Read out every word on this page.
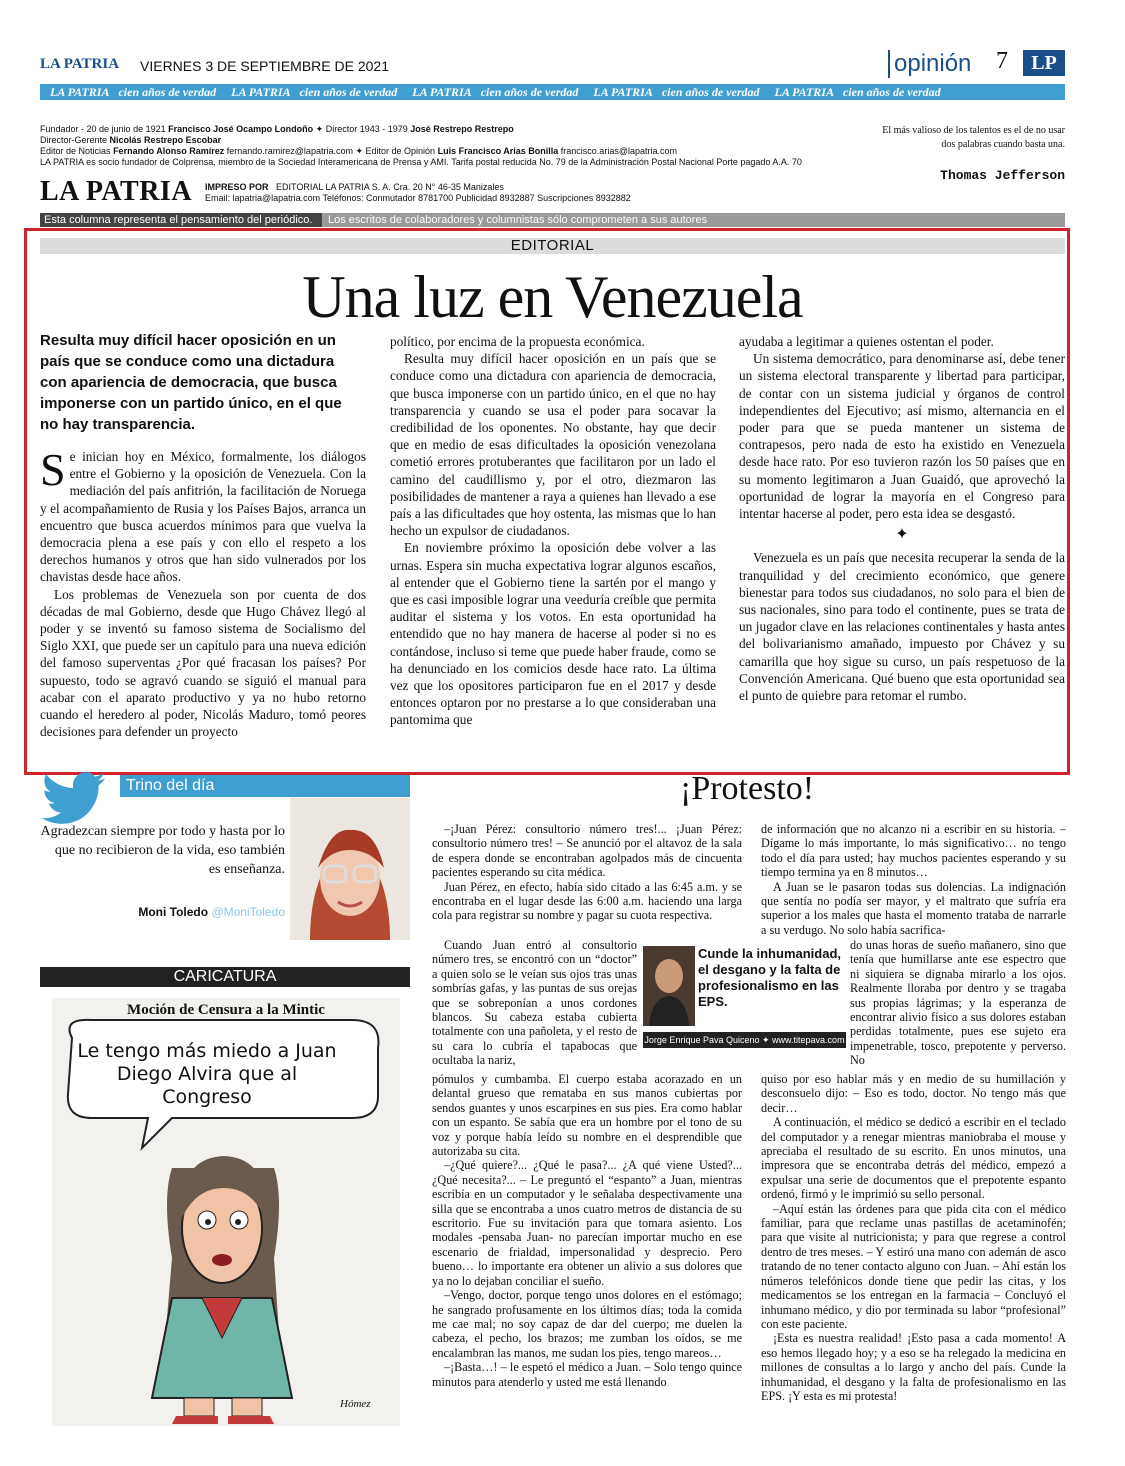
LA PATRIA VIERNES 3 DE SEPTIEMBRE DE 2021	opinión 7	LP
LA PATRIA cien años de verdad LA PATRIA cien años de verdad LA PATRIA cien años de verdad LA PATRIA cien años de verdad LA PATRIA cien años de verdad
Fundador - 20 de junio de 1921 Francisco José Ocampo Londoño ✦ Director 1943 - 1979 José Restrepo Restrepo
Director-Gerente Nicolás Restrepo Escobar
Editor de Noticias Fernando Alonso Ramírez fernando.ramirez@lapatria.com ✦ Editor de Opinión Luis Francisco Arias Bonilla francisco.arias@lapatria.com
LA PATRIA es socio fundador de Colprensa, miembro de la Sociedad Interamericana de Prensa y AMI. Tarifa postal reducida No. 79 de la Administración Postal Nacional Porte pagado A.A. 70
El más valioso de los talentos es el de no usar dos palabras cuando basta una.
Thomas Jefferson
LA PATRIA IMPRESO POR EDITORIAL LA PATRIA S. A. Cra. 20 N° 46-35 Manizales
Email: lapatria@lapatria.com Teléfonos: Conmutador 8781700 Publicidad 8932887 Suscripciones 8932882
Los escritos de colaboradores y columnistas sólo comprometen a sus autores
Esta columna representa el pensamiento del periódico.
EDITORIAL
Una luz en Venezuela
Resulta muy difícil hacer oposición en un país que se conduce como una dictadura con apariencia de democracia, que busca imponerse con un partido único, en el que no hay transparencia.

Se inician hoy en México, formalmente, los diálogos entre el Gobierno y la oposición de Venezuela. Con la mediación del país anfitrión, la facilitación de Noruega y el acompañamiento de Rusia y los Países Bajos, arranca un encuentro que busca acuerdos mínimos para que vuelva la democracia plena a ese país y con ello el respeto a los derechos humanos y otros que han sido vulnerados por los chavistas desde hace años.

Los problemas de Venezuela son por cuenta de dos décadas de mal Gobierno, desde que Hugo Chávez llegó al poder y se inventó su famoso sistema de Socialismo del Siglo XXI, que puede ser un capítulo para una nueva edición del famoso superventas ¿Por qué fracasan los países? Por supuesto, todo se agravó cuando se siguió el manual para acabar con el aparato productivo y ya no hubo retorno cuando el heredero al poder, Nicolás Maduro, tomó peores decisiones para defender un proyecto

político, por encima de la propuesta económica.

Resulta muy difícil hacer oposición en un país que se conduce como una dictadura con apariencia de democracia, que busca imponerse con un partido único, en el que no hay transparencia y cuando se usa el poder para socavar la credibilidad de los oponentes. No obstante, hay que decir que en medio de esas dificultades la oposición venezolana cometió errores protuberantes que facilitaron por un lado el camino del caudillismo y, por el otro, diezmaron las posibilidades de mantener a raya a quienes han llevado a ese país a las dificultades que hoy ostenta, las mismas que lo han hecho un expulsor de ciudadanos.

En noviembre próximo la oposición debe volver a las urnas. Espera sin mucha expectativa lograr algunos escaños, al entender que el Gobierno tiene la sartén por el mango y que es casi imposible lograr una veeduría creíble que permita auditar el sistema y los votos. En esta oportunidad ha entendido que no hay manera de hacerse al poder si no es contándose, incluso si teme que puede haber fraude, como se ha denunciado en los comicios desde hace rato. La última vez que los opositores participaron fue en el 2017 y desde entonces optaron por no prestarse a lo que consideraban una pantomima que

ayudaba a legitimar a quienes ostentan el poder.

Un sistema democrático, para denominarse así, debe tener un sistema electoral transparente y libertad para participar, de contar con un sistema judicial y órganos de control independientes del Ejecutivo; así mismo, alternancia en el poder para que se pueda mantener un sistema de contrapesos, pero nada de esto ha existido en Venezuela desde hace rato. Por eso tuvieron razón los 50 países que en su momento legitimaron a Juan Guaidó, que aprovechó la oportunidad de lograr la mayoría en el Congreso para intentar hacerse al poder, pero esta idea se desgastó.

✦

Venezuela es un país que necesita recuperar la senda de la tranquilidad y del crecimiento económico, que genere bienestar para todos sus ciudadanos, no solo para el bien de sus nacionales, sino para todo el continente, pues se trata de un jugador clave en las relaciones continentales y hasta antes del bolivarianismo amañado, impuesto por Chávez y su camarilla que hoy sigue su curso, un país respetuoso de la Convención Americana. Qué bueno que esta oportunidad sea el punto de quiebre para retomar el rumbo.

Trino del día
Agradezcan siempre por todo y hasta por lo que no recibieron de la vida, eso también es enseñanza.
Moni Toledo @MoniToledo
CARICATURA
Moción de Censura a la Mintic
Le tengo más miedo a Juan Diego Alvira que al Congreso
Hómez
¡Protesto!

–¡Juan Pérez: consultorio número tres!... ¡Juan Pérez: consultorio número tres! – Se anunció por el altavoz de la sala de espera donde se encontraban agolpados más de cincuenta pacientes esperando su cita médica.

Juan Pérez, en efecto, había sido citado a las 6:45 a.m. y se encontraba en el lugar desde las 6:00 a.m. haciendo una larga cola para registrar su nombre y pagar su cuota respectiva.

Cuando Juan entró al consultorio número tres, se encontró con un “doctor” a quien solo se le veían sus ojos tras unas sombrías gafas, y las puntas de sus orejas que se sobreponían a unos cordones blancos. Su cabeza estaba cubierta totalmente con una pañoleta, y el resto de su cara lo cubría el tapabocas que ocultaba la nariz,

pómulos y cumbamba. El cuerpo estaba acorazado en un delantal grueso que remataba en sus manos cubiertas por sendos guantes y unos escarpines en sus pies. Era como hablar con un espanto. Se sabía que era un hombre por el tono de su voz y porque había leído su nombre en el desprendible que autorizaba su cita.

–¿Qué quiere?... ¿Qué le pasa?... ¿A qué viene Usted?... ¿Qué necesita?... – Le preguntó el “espanto” a Juan, mientras escribía en un computador y le señalaba despectivamente una silla que se encontraba a unos cuatro metros de distancia de su escritorio. Fue su invitación para que tomara asiento. Los modales -pensaba Juan- no parecían importar mucho en ese escenario de frialdad, impersonalidad y desprecio. Pero bueno… lo importante era obtener un alivio a sus dolores que ya no lo dejaban conciliar el sueño.

–Vengo, doctor, porque tengo unos dolores en el estómago; he sangrado profusamente en los últimos días; toda la comida me cae mal; no soy capaz de dar del cuerpo; me duelen la cabeza, el pecho, los brazos; me zumban los oídos, se me encalambran las manos, me sudan los pies, tengo mareos…

–¡Basta…! – le espetó el médico a Juan. – Solo tengo quince minutos para atenderlo y usted me está llenando

Cunde la inhumanidad, el desgano y la falta de profesionalismo en las EPS.
Jorge Enrique Pava Quiceno ✦ www.titepava.com

de información que no alcanzo ni a escribir en su historia. – Dígame lo más importante, lo más significativo… no tengo todo el día para usted; hay muchos pacientes esperando y su tiempo termina ya en 8 minutos…

A Juan se le pasaron todas sus dolencias. La indignación que sentía no podía ser mayor, y el maltrato que sufría era superior a los males que hasta el momento trataba de narrarle a su verdugo. No solo había sacrifica-

do unas horas de sueño mañanero, sino que tenía que humillarse ante ese espectro que ni siquiera se dignaba mirarlo a los ojos. Realmente lloraba por dentro y se tragaba sus propias lágrimas; y la esperanza de encontrar alivio físico a sus dolores estaban perdidas totalmente, pues ese sujeto era impenetrable, tosco, prepotente y perverso. No

quiso por eso hablar más y en medio de su humillación y desconsuelo dijo: – Eso es todo, doctor. No tengo más que decir…

A continuación, el médico se dedicó a escribir en el teclado del computador y a renegar mientras maniobraba el mouse y apreciaba el resultado de su escrito. En unos minutos, una impresora que se encontraba detrás del médico, empezó a expulsar una serie de documentos que el prepotente espanto ordenó, firmó y le imprimió su sello personal.

–Aquí están las órdenes para que pida cita con el médico familiar, para que reclame unas pastillas de acetaminofén; para que visite al nutricionista; y para que regrese a control dentro de tres meses. – Y estiró una mano con ademán de asco tratando de no tener contacto alguno con Juan. – Ahí están los números telefónicos donde tiene que pedir las citas, y los medicamentos se los entregan en la farmacia – Concluyó el inhumano médico, y dio por terminada su labor “profesional” con este paciente.

¡Esta es nuestra realidad! ¡Esto pasa a cada momento! A eso hemos llegado hoy; y a eso se ha relegado la medicina en millones de consultas a lo largo y ancho del país. Cunde la inhumanidad, el desgano y la falta de profesionalismo en las EPS. ¡Y esta es mi protesta!
